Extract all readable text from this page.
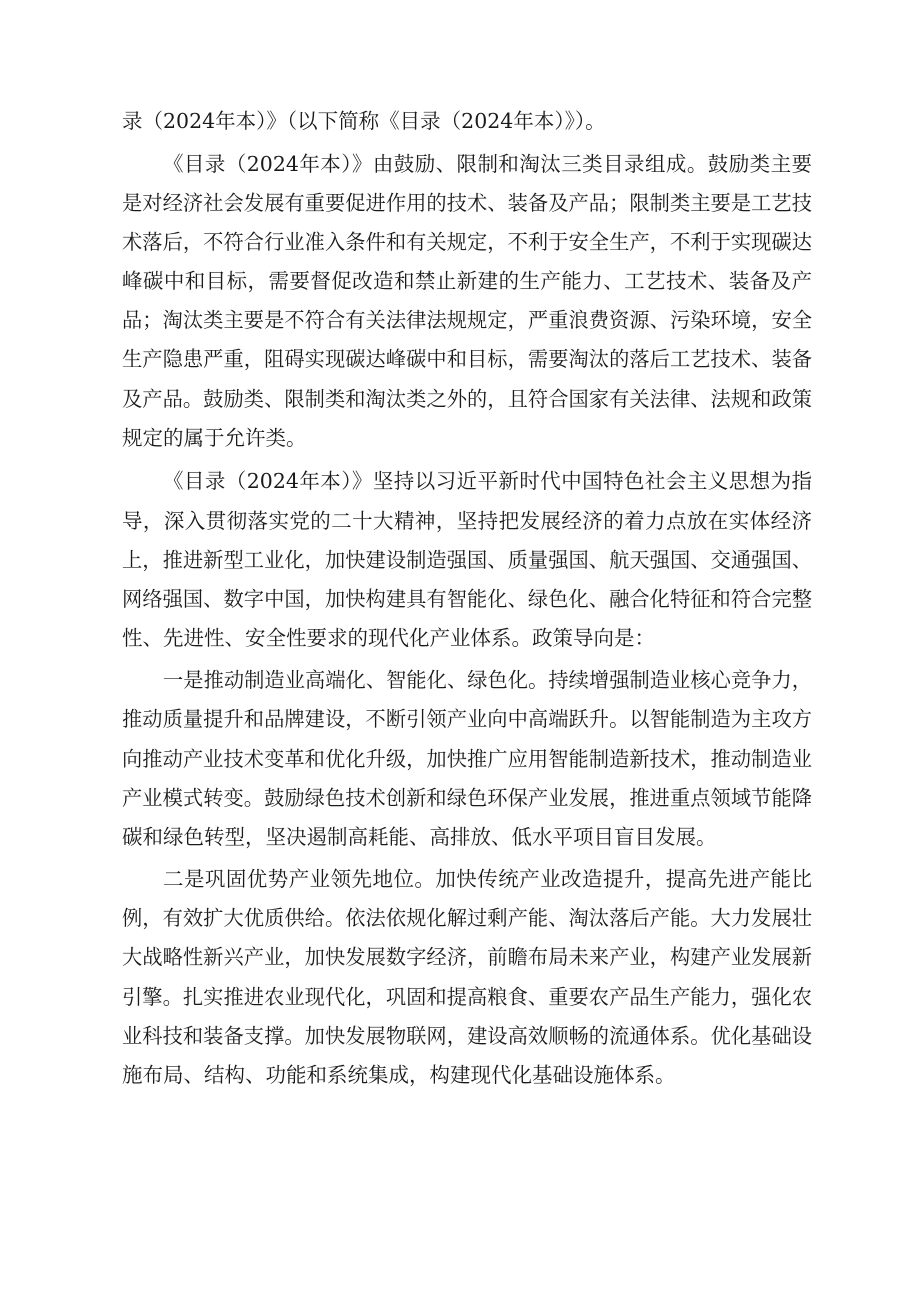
录（2024年本）》（以下简称《目录（2024年本）》）。

《目录（2024年本）》由鼓励、限制和淘汰三类目录组成。鼓励类主要

是对经济社会发展有重要促进作用的技术、装备及产品；限制类主要是工艺技

术落后，不符合行业准入条件和有关规定，不利于安全生产，不利于实现碳达

峰碳中和目标，需要督促改造和禁止新建的生产能力、工艺技术、装备及产

品；淘汰类主要是不符合有关法律法规规定，严重浪费资源、污染环境，安全

生产隐患严重，阻碍实现碳达峰碳中和目标，需要淘汰的落后工艺技术、装备

及产品。鼓励类、限制类和淘汰类之外的，且符合国家有关法律、法规和政策

规定的属于允许类。

《目录（2024年本）》坚持以习近平新时代中国特色社会主义思想为指

导，深入贯彻落实党的二十大精神，坚持把发展经济的着力点放在实体经济

上，推进新型工业化，加快建设制造强国、质量强国、航天强国、交通强国、

网络强国、数字中国，加快构建具有智能化、绿色化、融合化特征和符合完整

性、先进性、安全性要求的现代化产业体系。政策导向是：

一是推动制造业高端化、智能化、绿色化。持续增强制造业核心竞争力，

推动质量提升和品牌建设，不断引领产业向中高端跃升。以智能制造为主攻方

向推动产业技术变革和优化升级，加快推广应用智能制造新技术，推动制造业

产业模式转变。鼓励绿色技术创新和绿色环保产业发展，推进重点领域节能降

碳和绿色转型，坚决遏制高耗能、高排放、低水平项目盲目发展。

二是巩固优势产业领先地位。加快传统产业改造提升，提高先进产能比

例，有效扩大优质供给。依法依规化解过剩产能、淘汰落后产能。大力发展壮

大战略性新兴产业，加快发展数字经济，前瞻布局未来产业，构建产业发展新

引擎。扎实推进农业现代化，巩固和提高粮食、重要农产品生产能力，强化农

业科技和装备支撑。加快发展物联网，建设高效顺畅的流通体系。优化基础设

施布局、结构、功能和系统集成，构建现代化基础设施体系。
